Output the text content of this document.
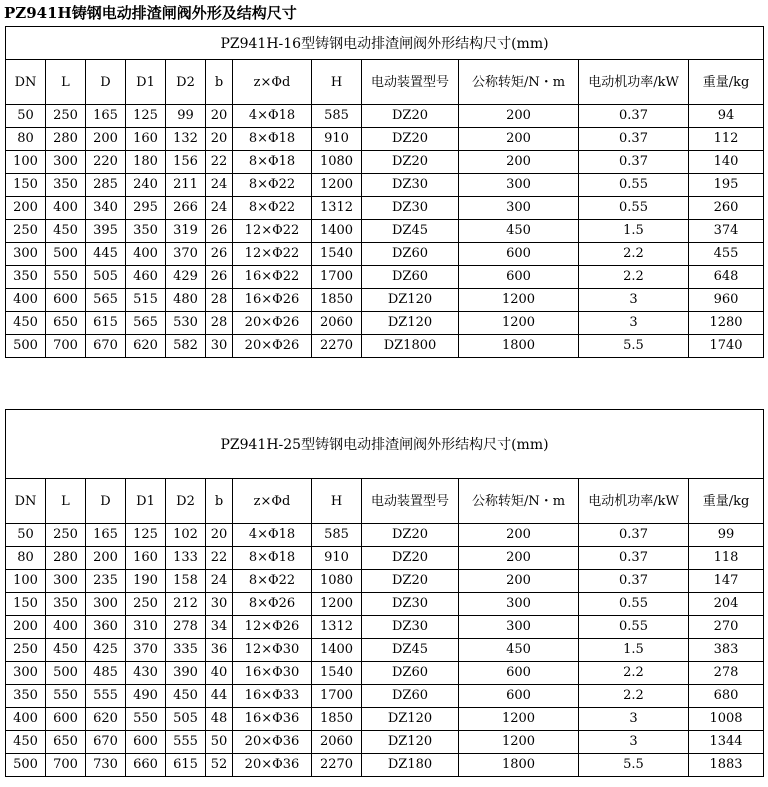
PZ941H铸钢电动排渣闸阀外形及结构尺寸
PZ941H-16型铸钢电动排渣闸阀外形结构尺寸(mm)											
DN	L	D	D1	D2	b	z×Φd	H	电动装置型号	公称转矩/N・m	电动机功率/kW	重量/kg
50	250	165	125	99	20	4×Φ18	585	DZ20	200	0.37	94
80	280	200	160	132	20	8×Φ18	910	DZ20	200	0.37	112
100	300	220	180	156	22	8×Φ18	1080	DZ20	200	0.37	140
150	350	285	240	211	24	8×Φ22	1200	DZ30	300	0.55	195
200	400	340	295	266	24	8×Φ22	1312	DZ30	300	0.55	260
250	450	395	350	319	26	12×Φ22	1400	DZ45	450	1.5	374
300	500	445	400	370	26	12×Φ22	1540	DZ60	600	2.2	455
350	550	505	460	429	26	16×Φ22	1700	DZ60	600	2.2	648
400	600	565	515	480	28	16×Φ26	1850	DZ120	1200	3	960
450	650	615	565	530	28	20×Φ26	2060	DZ120	1200	3	1280
500	700	670	620	582	30	20×Φ26	2270	DZ1800	1800	5.5	1740
PZ941H-25型铸钢电动排渣闸阀外形结构尺寸(mm)											
DN	L	D	D1	D2	b	z×Φd	H	电动装置型号	公称转矩/N・m	电动机功率/kW	重量/kg
50	250	165	125	102	20	4×Φ18	585	DZ20	200	0.37	99
80	280	200	160	133	22	8×Φ18	910	DZ20	200	0.37	118
100	300	235	190	158	24	8×Φ22	1080	DZ20	200	0.37	147
150	350	300	250	212	30	8×Φ26	1200	DZ30	300	0.55	204
200	400	360	310	278	34	12×Φ26	1312	DZ30	300	0.55	270
250	450	425	370	335	36	12×Φ30	1400	DZ45	450	1.5	383
300	500	485	430	390	40	16×Φ30	1540	DZ60	600	2.2	278
350	550	555	490	450	44	16×Φ33	1700	DZ60	600	2.2	680
400	600	620	550	505	48	16×Φ36	1850	DZ120	1200	3	1008
450	650	670	600	555	50	20×Φ36	2060	DZ120	1200	3	1344
500	700	730	660	615	52	20×Φ36	2270	DZ180	1800	5.5	1883
